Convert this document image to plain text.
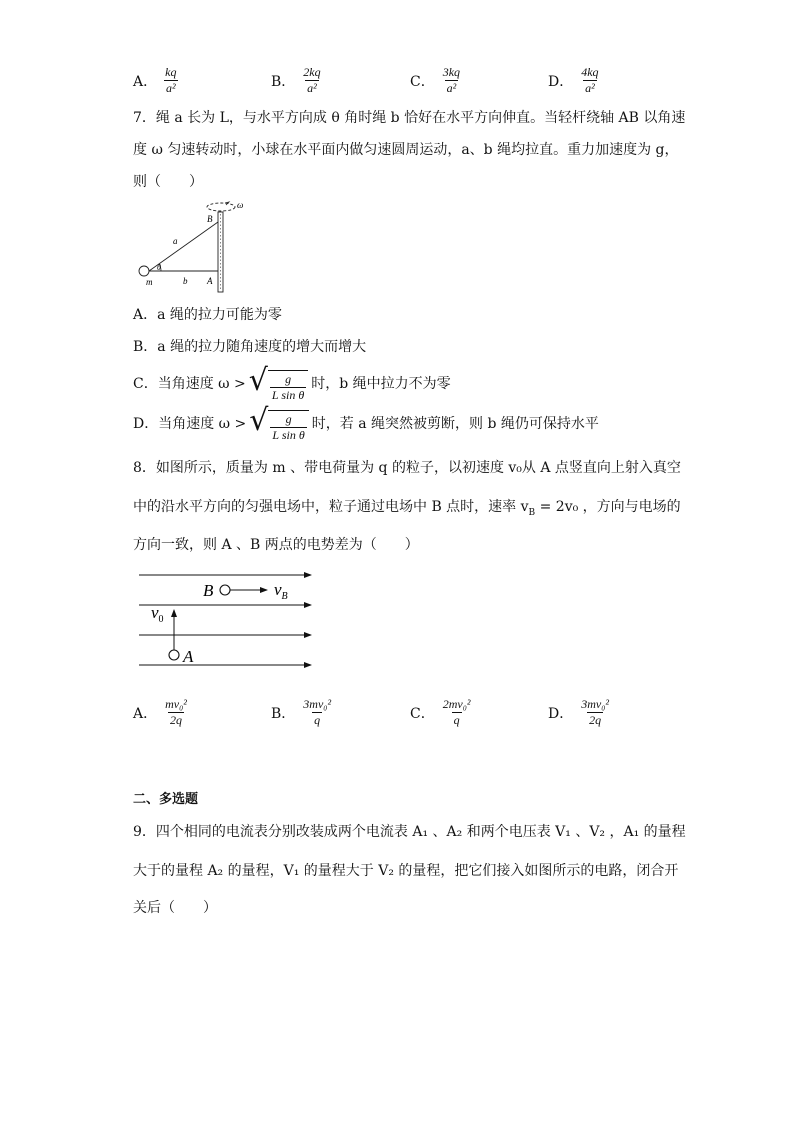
A． $\frac{kq}{\text{a²}}$	B． $\frac{2kq}{\text{a²}}$	C． $\frac{3kq}{\text{a²}}$	D． $\frac{4kq}{\text{a²}}$
7．绳 a 长为 L，与水平方向成 θ 角时绳 b 恰好在水平方向伸直。当轻杆绕轴 AB 以角速
度 ω 匀速转动时，小球在水平面内做匀速圆周运动，a、b 绳均拉直。重力加速度为 g，
则（　　）
ω
B
a
b
θ
m	A
A．a 绳的拉力可能为零
B．a 绳的拉力随角速度的增大而增大
C．当角速度 ω > √ $\frac{g}{\text{L sin θ}}$ 时，b 绳中拉力不为零
D．当角速度 ω > √ $\frac{g}{\text{L sin θ}}$ 时，若 a 绳突然被剪断，则 b 绳仍可保持水平
8．如图所示，质量为 m 、带电荷量为 q 的粒子，以初速度 v₀从 A 点竖直向上射入真空
中的沿水平方向的匀强电场中，粒子通过电场中 B 点时，速率 $v_B = 2v_0$ ，方向与电场的
方向一致，则 A 、B 两点的电势差为（　　）
B	$v_B$
$v_0$
A
A． $\frac{\text{mv₀²}}{2q}$	B． $\frac{\text{3mv₀²}}{q}$	C． $\frac{\text{2mv₀²}}{q}$	D． $\frac{\text{3mv₀²}}{2q}$
二、多选题
9．四个相同的电流表分别改装成两个电流表 A₁ 、A₂ 和两个电压表 V₁ 、V₂ ，A₁ 的量程
大于的量程 A₂ 的量程，V₁ 的量程大于 V₂ 的量程，把它们接入如图所示的电路，闭合开
关后（　　）
